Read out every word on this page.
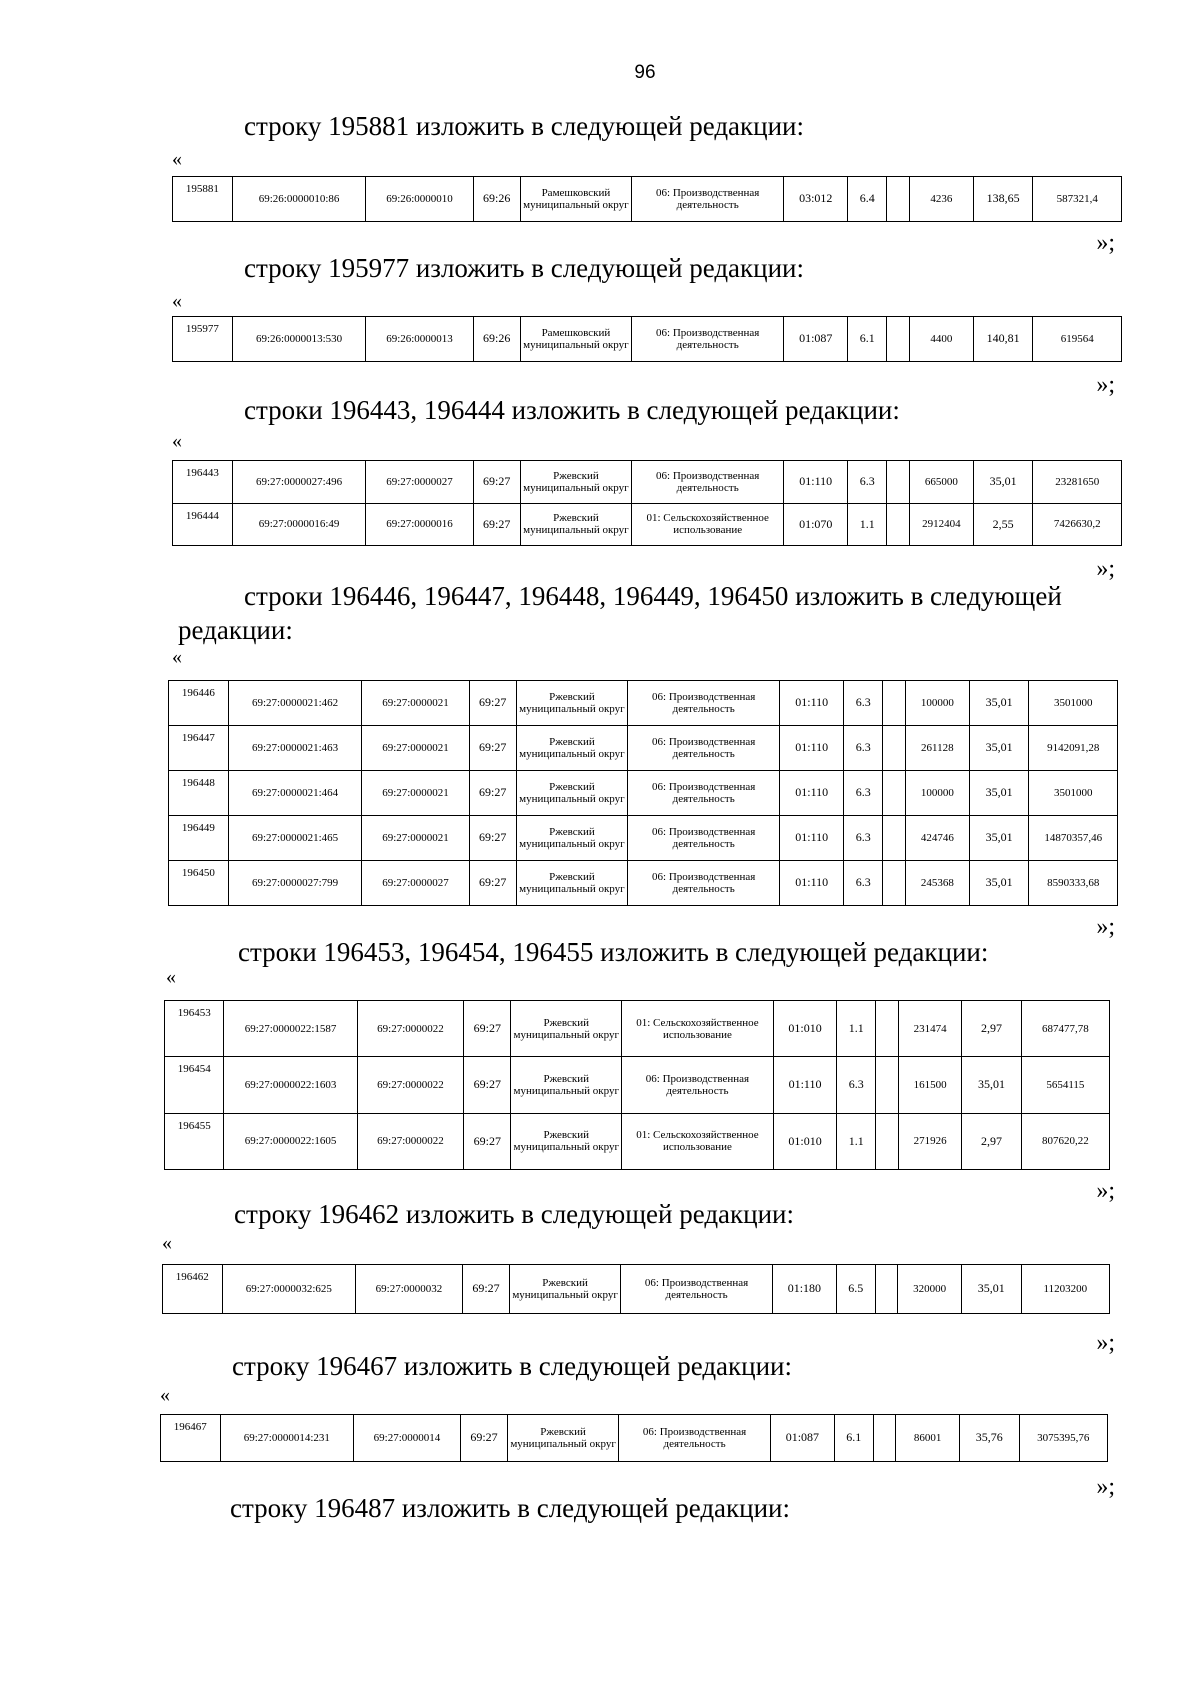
96
строку 195881 изложить в следующей редакции:
«
195881	69:26:0000010:86	69:26:0000010	69:26	Рамешковский муниципальный округ	06: Производственная деятельность	03:012	6.4		4236	138,65	587321,4
»;
строку 195977 изложить в следующей редакции:
«
195977	69:26:0000013:530	69:26:0000013	69:26	Рамешковский муниципальный округ	06: Производственная деятельность	01:087	6.1		4400	140,81	619564
»;
строки 196443, 196444 изложить в следующей редакции:
«
196443	69:27:0000027:496	69:27:0000027	69:27	Ржевский муниципальный округ	06: Производственная деятельность	01:110	6.3		665000	35,01	23281650
196444	69:27:0000016:49	69:27:0000016	69:27	Ржевский муниципальный округ	01: Сельскохозяйственное использование	01:070	1.1		2912404	2,55	7426630,2
»;
строки 196446, 196447, 196448, 196449, 196450 изложить в следующей
редакции:
«
196446	69:27:0000021:462	69:27:0000021	69:27	Ржевский муниципальный округ	06: Производственная деятельность	01:110	6.3		100000	35,01	3501000
196447	69:27:0000021:463	69:27:0000021	69:27	Ржевский муниципальный округ	06: Производственная деятельность	01:110	6.3		261128	35,01	9142091,28
196448	69:27:0000021:464	69:27:0000021	69:27	Ржевский муниципальный округ	06: Производственная деятельность	01:110	6.3		100000	35,01	3501000
196449	69:27:0000021:465	69:27:0000021	69:27	Ржевский муниципальный округ	06: Производственная деятельность	01:110	6.3		424746	35,01	14870357,46
196450	69:27:0000027:799	69:27:0000027	69:27	Ржевский муниципальный округ	06: Производственная деятельность	01:110	6.3		245368	35,01	8590333,68
»;
строки 196453, 196454, 196455 изложить в следующей редакции:
«
196453	69:27:0000022:1587	69:27:0000022	69:27	Ржевский муниципальный округ	01: Сельскохозяйственное использование	01:010	1.1		231474	2,97	687477,78
196454	69:27:0000022:1603	69:27:0000022	69:27	Ржевский муниципальный округ	06: Производственная деятельность	01:110	6.3		161500	35,01	5654115
196455	69:27:0000022:1605	69:27:0000022	69:27	Ржевский муниципальный округ	01: Сельскохозяйственное использование	01:010	1.1		271926	2,97	807620,22
»;
строку 196462 изложить в следующей редакции:
«
196462	69:27:0000032:625	69:27:0000032	69:27	Ржевский муниципальный округ	06: Производственная деятельность	01:180	6.5		320000	35,01	11203200
»;
строку 196467 изложить в следующей редакции:
«
196467	69:27:0000014:231	69:27:0000014	69:27	Ржевский муниципальный округ	06: Производственная деятельность	01:087	6.1		86001	35,76	3075395,76
»;
строку 196487 изложить в следующей редакции:
